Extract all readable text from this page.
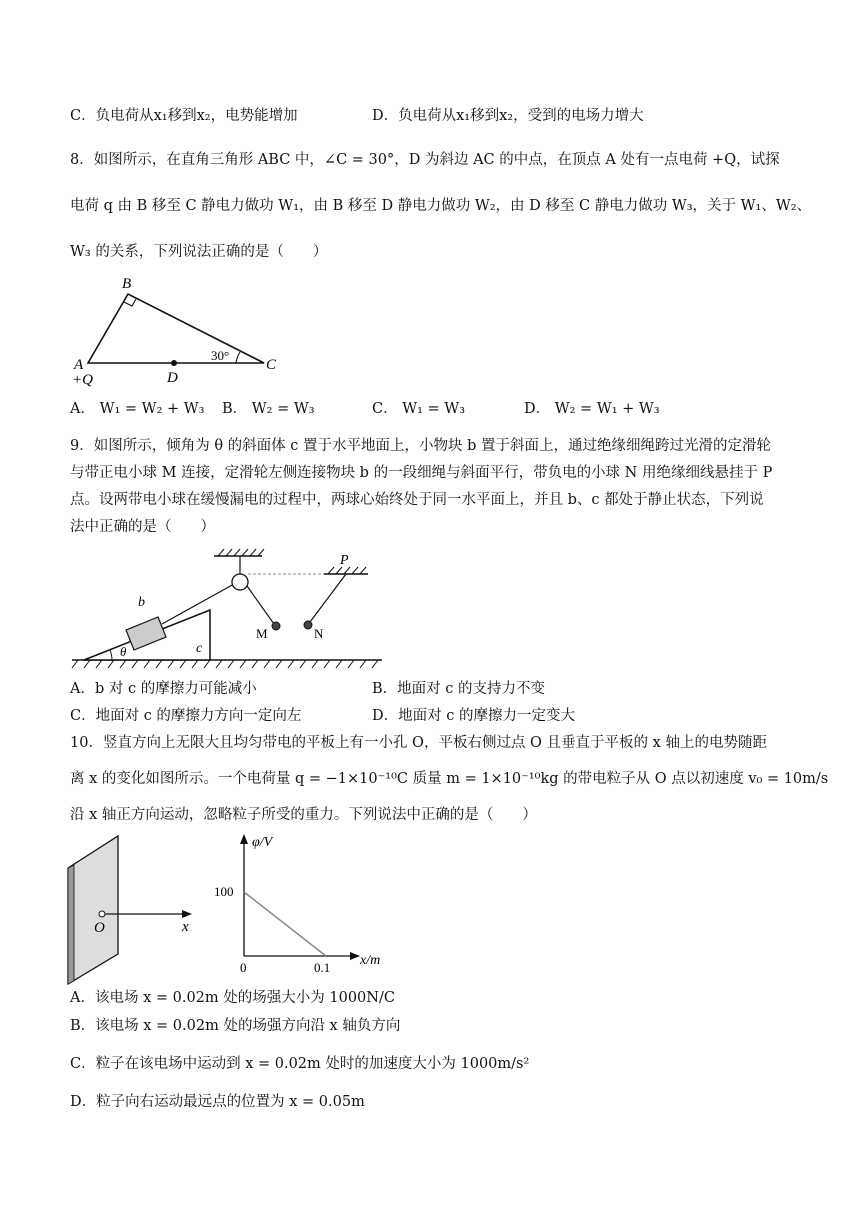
C．负电荷从x₁移到x₂，电势能增加	D．负电荷从x₁移到x₂，受到的电场力增大
8．如图所示，在直角三角形 ABC 中，∠C = 30°，D 为斜边 AC 的中点，在顶点 A 处有一点电荷 +Q，试探
电荷 q 由 B 移至 C 静电力做功 W₁，由 B 移至 D 静电力做功 W₂，由 D 移至 C 静电力做功 W₃，关于 W₁、W₂、
W₃ 的关系，下列说法正确的是（　　）
B
A	C
D
+Q
30°
A． W₁ = W₂ + W₃ B． W₂ = W₃	C． W₁ = W₃	D． W₂ = W₁ + W₃
9．如图所示，倾角为 θ 的斜面体 c 置于水平地面上，小物块 b 置于斜面上，通过绝缘细绳跨过光滑的定滑轮
与带正电小球 M 连接，定滑轮左侧连接物块 b 的一段细绳与斜面平行，带负电的小球 N 用绝缘细线悬挂于 P
点。设两带电小球在缓慢漏电的过程中，两球心始终处于同一水平面上，并且 b、c 都处于静止状态，下列说
法中正确的是（　　）
b
c
θ
M	N
P
A．b 对 c 的摩擦力可能减小	B．地面对 c 的支持力不变
C．地面对 c 的摩擦力方向一定向左	D．地面对 c 的摩擦力一定变大
10．竖直方向上无限大且均匀带电的平板上有一小孔 O，平板右侧过点 O 且垂直于平板的 x 轴上的电势随距
离 x 的变化如图所示。一个电荷量 q = −1×10⁻¹⁰C 质量 m = 1×10⁻¹⁰kg 的带电粒子从 O 点以初速度 v₀ = 10m/s
沿 x 轴正方向运动，忽略粒子所受的重力。下列说法中正确的是（　　）
O	x
φ/V
x/m
0
100
0.1
A．该电场 x = 0.02m 处的场强大小为 1000N/C
B．该电场 x = 0.02m 处的场强方向沿 x 轴负方向
C．粒子在该电场中运动到 x = 0.02m 处时的加速度大小为 1000m/s²
D．粒子向右运动最远点的位置为 x = 0.05m
